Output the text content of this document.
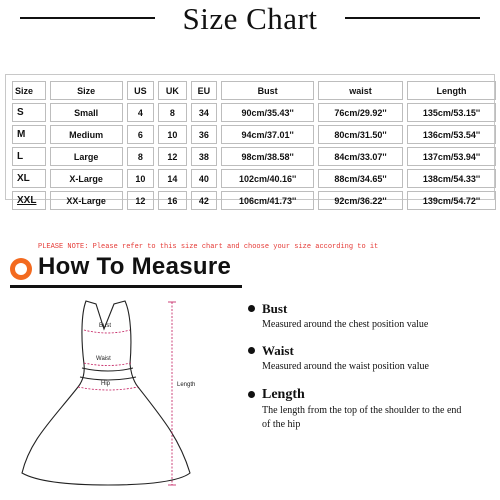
Size Chart
Size	Size	US	UK	EU	Bust	waist	Length
S	Small	4	8	34	90cm/35.43''	76cm/29.92''	135cm/53.15''
M	Medium	6	10	36	94cm/37.01''	80cm/31.50''	136cm/53.54''
L	Large	8	12	38	98cm/38.58''	84cm/33.07''	137cm/53.94''
XL	X-Large	10	14	40	102cm/40.16''	88cm/34.65''	138cm/54.33''
XXL	XX-Large	12	16	42	106cm/41.73''	92cm/36.22''	139cm/54.72''
PLEASE NOTE: Please refer to this size chart and choose your size according to it
How To Measure
Bust
Waist
Hip	Length
Bust
Measured around the chest position value
Waist
Measured around the waist position value
Length
The length from the top of the shoulder to the end of the hip
